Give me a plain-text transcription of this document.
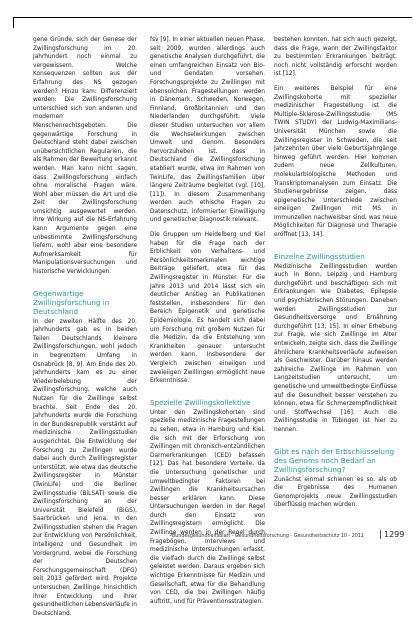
gene Gründe, sich der Genese der Zwillingsforschung im 20. Jahrhundert noch einmal zu vergewissern. Welche Konsequenzen sollten aus der Erfahrung des NS gezogen werden? Hinzu kam: Differenziert werden: Die Zwillingsforschung unterschied sich von anderen und modernen Menschenrechtsgeboten. Die gegenwärtige Forschung in Deutschland steht dabei zwischen unübersichtlichen Regularien, die als Rahmen der Bewertung erkannt werden. Man kann nicht sagen, dass Zwillingsforschung einfach ohne moralische Fragen wäre. Wohl aber müssen die Art und die Zeit der Zwillingsforschung umsichtig ausgewertet werden. Ihre Wirkung auf die NS-Erfahrung kann Argumente gegen eine unbestimmte Zwillingsforschung liefern, wohl aber eine besondere Aufmerksamkeit für Manipulationsversuchungen und historische Verwicklungen.

Gegenwärtige Zwillingsforschung in Deutschland

In der zweiten Hälfte des 20. Jahrhunderts gab es in beiden Teilen Deutschlands kleinere Zwillingsforschungen, wohl jedoch in begrenztem Umfang in Osnabrück [8, 9]. Am Ende des 20. Jahrhunderts kam es zu einer Wiederbelebung der Zwillingsforschung, welche auch Nutzen für die Zwillinge selbst brachte. Seit Ende des 20. Jahrhunderts wurde die Forschung in der Bundesrepublik verstärkt auf medizinische Zwillingsstudien ausgerichtet. Die Entwicklung der Forschung zu Zwillingen wurde dabei auch durch Zwillingsregister unterstützt, wie etwa das deutsche Zwillingsregister in Münster (TwinLife) und die Berliner Zwillingsstudie (BiLSAT) sowie die Zwillingsforschung an der Universität Bielefeld (BiGS), Saarbrücken und Jena. In den Zwillingsstudien stehen die Fragen zur Entwicklung von Persönlichkeit, Intelligenz und Gesundheit im Vordergrund, wobei die Forschung der Deutschen Forschungsgemeinschaft (DFG) seit 2013 gefördert wird. Projekte untersuchen Zwillinge hinsichtlich ihrer Entwicklung und ihrer gesundheitlichen Lebensverläufe in Deutschland.

fsv [9]. In einer aktuellen neuen Phase, seit 2009, wurden allerdings auch genetische Analysen durchgeführt, die einen umfangreichen Einsatz von Bio- und Gendaten vorsehen. Forschungsprojekte zu Zwillingen mit ebensolchen Fragestellungen werden in Dänemark, Schweden, Norwegen, Finnland, Großbritannien und den Niederlanden durchgeführt. Viele dieser Studien untersuchen vor allem die Wechselwirkungen zwischen Umwelt und Genom. Besonders hervorzuheben ist, dass in Deutschland die Zwillingsforschung etabliert wurde, etwa im Rahmen von TwinLife, das Zwillingsfamilien über längere Zeiträume begleitet (vgl. [10], [11]). In diesem Zusammenhang werden auch ethische Fragen zu Datenschutz, informierter Einwilligung und genetischer Diagnostik relevant.

Die Gruppen um Heidelberg und Kiel haben für die Frage nach der Erblichkeit von Verhaltens- und Persönlichkeitsmerkmalen wichtige Beiträge geliefert, etwa für das Zwillingsregister in Münster. Für die Jahre 2013 und 2014 lässt sich ein deutlicher Anstieg an Publikationen feststellen, insbesondere für den Bereich Epigenetik und genetische Epidemiologie. Es handelt sich dabei um Forschung mit großem Nutzen für die Medizin, da die Entstehung von Krankheiten genauer untersucht werden kann. Insbesondere der Vergleich zwischen eineiigen und zweieiigen Zwillingen ermöglicht neue Erkenntnisse.

Spezielle Zwillingskollektive

Unter den Zwillingskohorten sind spezielle medizinische Fragestellungen zu sehen, etwa in Hamburg und Kiel, die sich mit der Erforschung von Zwillingen mit chronisch-entzündlichen Darmerkrankungen (CED) befassen [12]. Das hat besondere Vorteile, da die Untersuchung genetischer und umweltbedingter Faktoren bei Zwillingen die Krankheitsursachen besser erklären kann. Diese Untersuchungen werden in der Regel durch den Einsatz von Zwillingsregistern ermöglicht. Die Zwillinge werden in der Regel durch Fragebögen, Interviews und medizinische Untersuchungen erfasst, die vielfach durch die Zwillinge selbst geleistet werden. Daraus ergeben sich wichtige Erkenntnisse für Medizin und Gesellschaft, etwa für die Behandlung von CED, die bei Zwillingen häufig auftritt, und für Präventionsstrategien.

bestehen konnten, hat sich auch gezeigt, dass die Frage, wann der Zwillingsfaktor zu bestimmten Erkrankungen beiträgt, noch nicht vollständig erforscht worden ist [12].

Ein weiteres Beispiel für eine Zwillingskohorte mit spezieller medizinischer Fragestellung ist die Multiple-Sklerose-Zwillingsstudie (MS TWIN STUDY) der Ludwig-Maximilians-Universität München sowie die Zwillingsregister in Schweden, die seit Jahrzehnten über viele Geburtsjahrgänge hinweg geführt werden. Hier kommen zudem neue Zellkulturen, molekularbiologische Methoden und Transkriptomanalysen zum Einsatz. Die Studienergebnisse zeigen, dass epigenetische Unterschiede zwischen eineiigen Zwillingen mit MS in Immunzellen nachweisbar sind, was neue Möglichkeiten für Diagnose und Therapie eröffnet [13, 14].

Einzelne Zwillingsstudien

Medizinische Zwillingsstudien wurden auch in Bonn, Leipzig und Hamburg durchgeführt und beschäftigen sich mit Erkrankungen wie Diabetes, Epilepsie und psychiatrischen Störungen. Daneben werden Zwillingsstudien zur Gesundheitsvorsorge und Ernährung durchgeführt [13, 15]. In einer Erhebung zur Frage, wie sich Zwillinge im Alter entwickeln, zeigte sich, dass die Zwillinge ähnlichere Krankheitsverläufe aufweisen als Geschwister. Darüber hinaus werden zahlreiche Zwillinge im Rahmen von Langzeitstudien untersucht, um genetische und umweltbedingte Einflüsse auf die Gesundheit besser verstehen zu können, etwa für Schmerzempfindlichkeit und Stoffwechsel [16]. Auch die Zwillingsstudie in Tübingen ist hier zu nennen.

Gibt es nach der Erbschlüsselung des Genoms noch Bedarf an Zwillingsforschung?

Zunächst einmal schienen es so, als ob die Ergebnisse des Humanen Genomprojekts neue Zwillingsstudien überflüssig machen würden.

Bundesgesundheitsblatt - Gesundheitsforschung - Gesundheitsschutz 10 - 2011	1299
